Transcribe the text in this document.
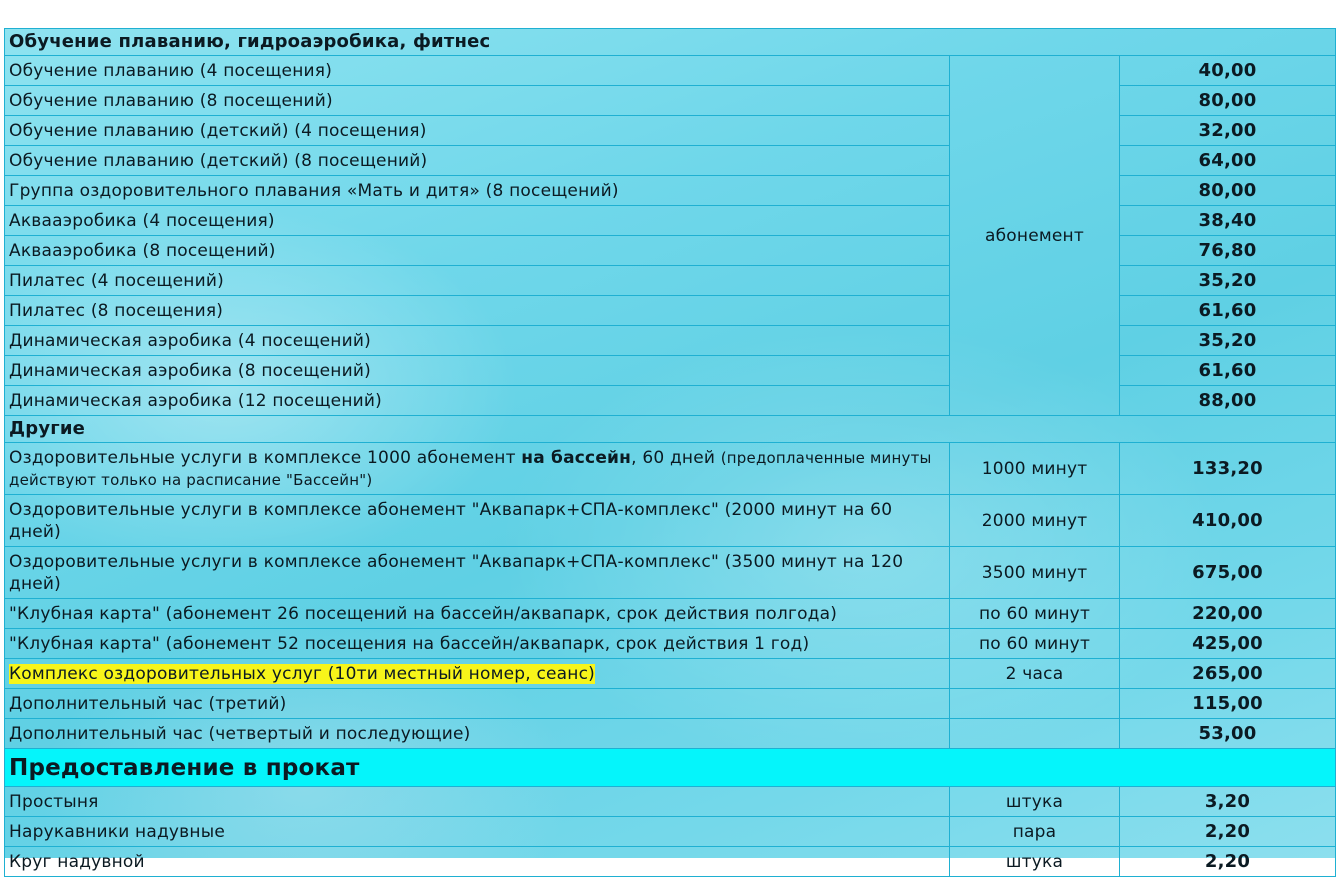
Обучение плаванию, гидроаэробика, фитнес		
Обучение плаванию (4 посещения)	абонемент	40,00
Обучение плаванию (8 посещений)		80,00
Обучение плаванию (детский) (4 посещения)		32,00
Обучение плаванию (детский) (8 посещений)		64,00
Группа оздоровительного плавания «Мать и дитя» (8 посещений)		80,00
Аквааэробика (4 посещения)		38,40
Аквааэробика (8 посещений)		76,80
Пилатес (4 посещений)		35,20
Пилатес (8 посещения)		61,60
Динамическая аэробика (4 посещений)		35,20
Динамическая аэробика (8 посещений)		61,60
Динамическая аэробика (12 посещений)		88,00
Другие		
Оздоровительные услуги в комплексе 1000 абонемент на бассейн, 60 дней (предоплаченные минуты действуют только на расписание "Бассейн")	1000 минут	133,20
Оздоровительные услуги в комплексе абонемент "Аквапарк+СПА-комплекс" (2000 минут на 60 дней)	2000 минут	410,00
Оздоровительные услуги в комплексе абонемент "Аквапарк+СПА-комплекс" (3500 минут на 120 дней)	3500 минут	675,00
"Клубная карта" (абонемент 26 посещений на бассейн/аквапарк, срок действия полгода)	по 60 минут	220,00
"Клубная карта" (абонемент 52 посещения на бассейн/аквапарк, срок действия 1 год)	по 60 минут	425,00
Комплекс оздоровительных услуг (10ти местный номер, сеанс)	2 часа	265,00
Дополнительный час (третий)		115,00
Дополнительный час (четвертый и последующие)		53,00
Предоставление в прокат		
Простыня	штука	3,20
Нарукавники надувные	пара	2,20
Круг надувной	штука	2,20
